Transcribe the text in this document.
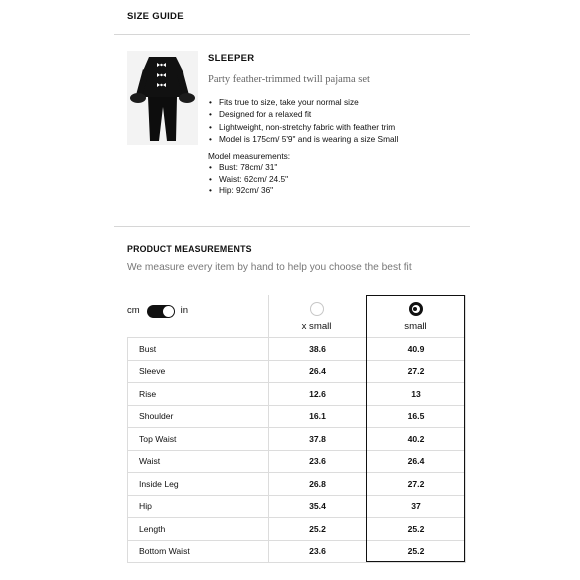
SIZE GUIDE
SLEEPER
Party feather-trimmed twill pajama set
• Fits true to size, take your normal size
• Designed for a relaxed fit
• Lightweight, non-stretchy fabric with feather trim
• Model is 175cm/ 5'9" and is wearing a size Small
Model measurements:
• Bust: 78cm/ 31"
• Waist: 62cm/ 24.5"
• Hip: 92cm/ 36"
PRODUCT MEASUREMENTS
We measure every item by hand to help you choose the best fit
cm	in
x small	small
Bust	38.6	40.9
Sleeve	26.4	27.2
Rise	12.6	13
Shoulder	16.1	16.5
Top Waist	37.8	40.2
Waist	23.6	26.4
Inside Leg	26.8	27.2
Hip	35.4	37
Length	25.2	25.2
Bottom Waist	23.6	25.2
